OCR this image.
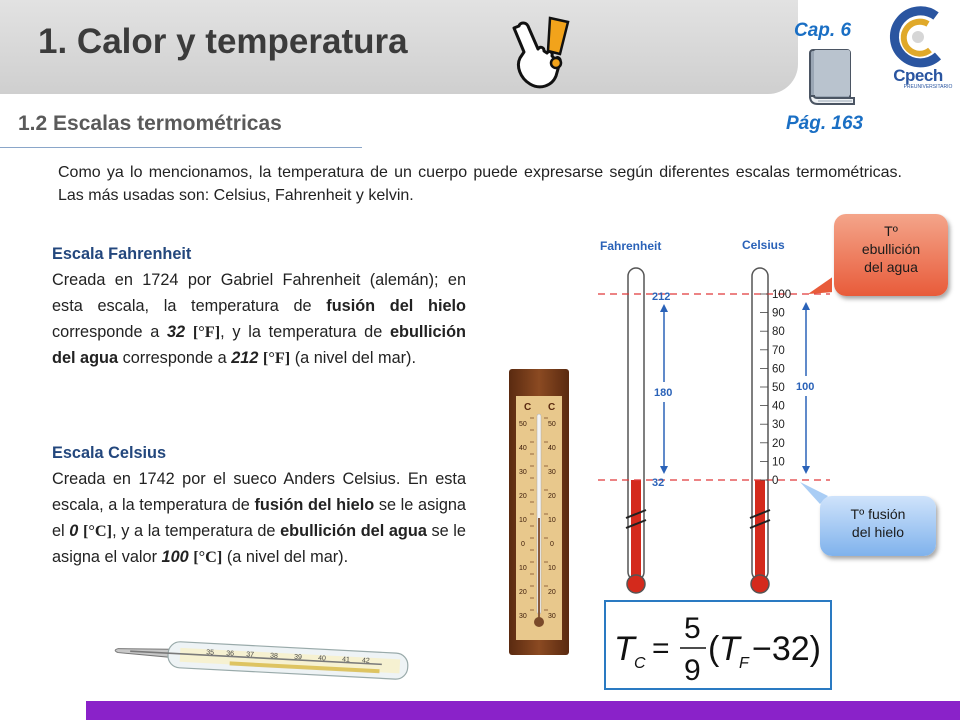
1. Calor y temperatura	Cap. 6
Pág. 163
Cpech
PREUNIVERSITARIO
1.2 Escalas termométricas

Como ya lo mencionamos, la temperatura de un cuerpo puede expresarse según diferentes escalas termométricas. Las más usadas son: Celsius, Fahrenheit y kelvin.

Escala Fahrenheit

Creada en 1724 por Gabriel Fahrenheit (alemán); en esta escala, la temperatura de fusión del hielo corresponde a 32 [°F], y la temperatura de ebullición del agua corresponde a 212 [°F] (a nivel del mar).

Escala Celsius

Creada en 1742 por el sueco Anders Celsius. En esta escala, a la temperatura de fusión del hielo se le asigna el 0 [°C], y a la temperatura de ebullición del agua se le asigna el valor 100 [°C] (a nivel del mar).

C C
50
40
30
20
10
0
10
20
30
50
40
30
20
10
0
10
20
30
35 36 37 38 39 40 41 42
Fahrenheit	Celsius
212
32
180
100
90
80
70
60
50
40
30
20
10
0
100
Tº
ebullición
del agua
Tº fusión
del hielo
T C =
5
9
( T F −32)
